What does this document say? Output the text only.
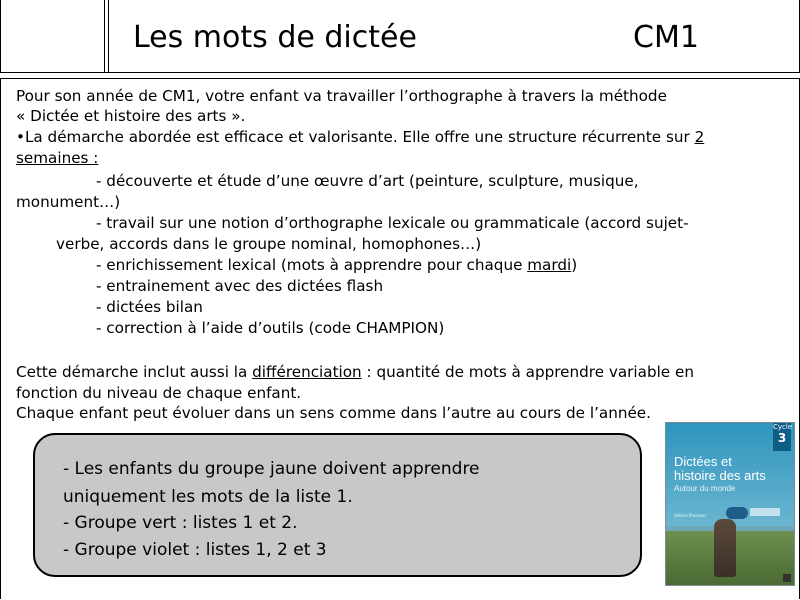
Les mots de dictée	CM1
Pour son année de CM1, votre enfant va travailler l’orthographe à travers la méthode
« Dictée et histoire des arts ».
•La démarche abordée est efficace et valorisante. Elle offre une structure récurrente sur 2
semaines :
- découverte et étude d’une œuvre d’art (peinture, sculpture, musique,
monument…)
- travail sur une notion d’orthographe lexicale ou grammaticale (accord sujet-
verbe, accords dans le groupe nominal, homophones…)
- enrichissement lexical (mots à apprendre pour chaque mardi)
- entrainement avec des dictées flash
- dictées bilan
- correction à l’aide d’outils (code CHAMPION)
Cette démarche inclut aussi la différenciation : quantité de mots à apprendre variable en
fonction du niveau de chaque enfant.
Chaque enfant peut évoluer dans un sens comme dans l’autre au cours de l’année.
- Les enfants du groupe jaune doivent apprendre
uniquement les mots de la liste 1.
- Groupe vert : listes 1 et 2.
- Groupe violet : listes 1, 2 et 3
Cycle
3
Dictées et
histoire des arts
Autour du monde
Valérie Prosseur
